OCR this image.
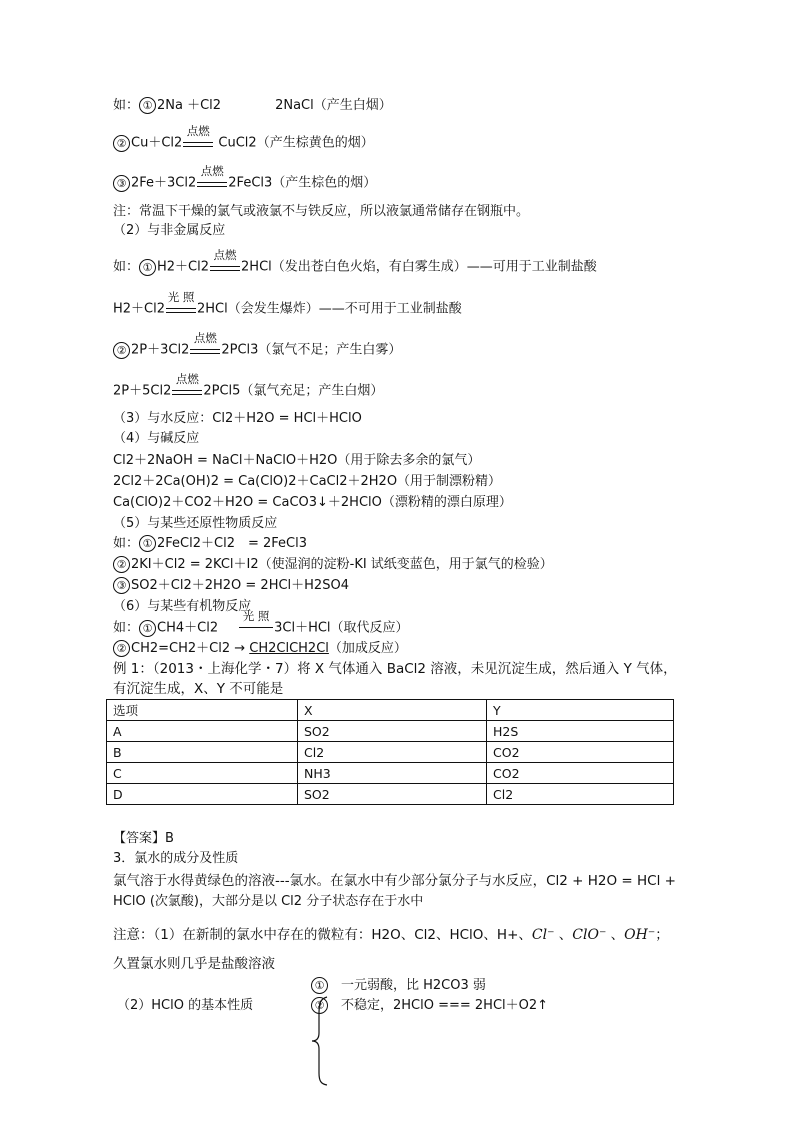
如： ① 2Na ＋Cl2	2NaCl（产生白烟）
② Cu＋Cl2
点燃
CuCl2（产生棕黄色的烟）
③ 2Fe＋3Cl2
点燃
2FeCl3（产生棕色的烟）
注：常温下干燥的氯气或液氯不与铁反应，所以液氯通常储存在钢瓶中。
（2）与非金属反应
如： ① H2＋Cl2
点燃
2HCl（发出苍白色火焰，有白雾生成）——可用于工业制盐酸
H2＋Cl2
光 照
2HCl（会发生爆炸）——不可用于工业制盐酸
② 2P＋3Cl2
点燃
2PCl3（氯气不足；产生白雾）
2P＋5Cl2
点燃
2PCl5（氯气充足；产生白烟）
（3）与水反应：Cl2＋H2O = HCl＋HClO
（4）与碱反应
Cl2＋2NaOH = NaCl＋NaClO＋H2O（用于除去多余的氯气）
2Cl2＋2Ca(OH)2 = Ca(ClO)2＋CaCl2＋2H2O（用于制漂粉精）
Ca(ClO)2＋CO2＋H2O = CaCO3↓＋2HClO（漂粉精的漂白原理）
（5）与某些还原性物质反应
如： ① 2FeCl2＋Cl2　= 2FeCl3
② 2KI＋Cl2 = 2KCl＋I2（使湿润的淀粉-KI 试纸变蓝色，用于氯气的检验）
③ SO2＋Cl2＋2H2O = 2HCl＋H2SO4
（6）与某些有机物反应
如： ① CH4＋Cl2
光 照
3Cl＋HCl（取代反应）
② CH2=CH2＋Cl2 → CH2ClCH2Cl（加成反应）
例 1：（2013・上海化学・7）将 X 气体通入 BaCl2 溶液，未见沉淀生成，然后通入 Y 气体，
有沉淀生成，X、Y 不可能是
选项	X	Y
A	SO2	H2S
B	Cl2	CO2
C	NH3	CO2
D	SO2	Cl2
【答案】B
3．氯水的成分及性质
氯气溶于水得黄绿色的溶液---氯水。在氯水中有少部分氯分子与水反应，Cl2 + H2O = HCl +
HClO (次氯酸)，大部分是以 Cl2 分子状态存在于水中
注意：（1）在新制的氯水中存在的微粒有：H2O、Cl2、HClO、H+、Cl⁻ 、ClO⁻ 、OH⁻；
久置氯水则几乎是盐酸溶液
① 一元弱酸，比 H2CO3 弱
（2）HClO 的基本性质	② 不稳定，2HClO === 2HCl＋O2↑
